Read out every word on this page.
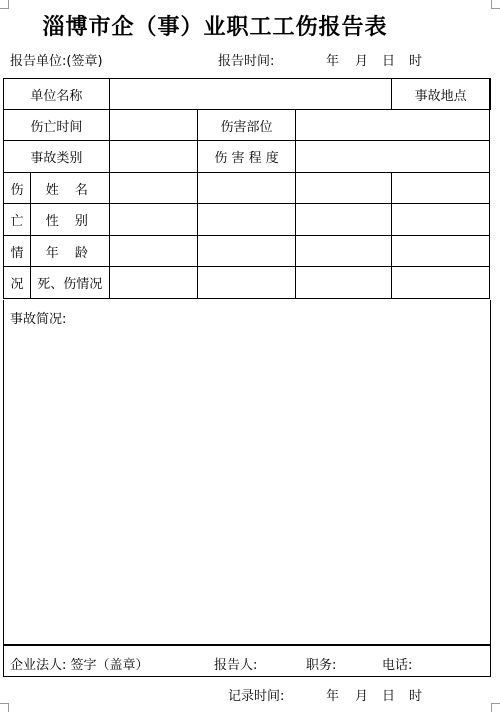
淄博市企（事）业职工工伤报告表
报告单位:(签章)	报告时间:	年 月 日 时
单位名称					事故地点	
伤亡时间			伤害部位			
事故类别			伤 害 程 度			
伤	姓 名					
亡	性 别					
情	年 龄					
况	死、伤情况					
事故简况:
企业法人: 签字（盖章）	报告人:	职务:	电话:
记录时间:	年 月 日 时
